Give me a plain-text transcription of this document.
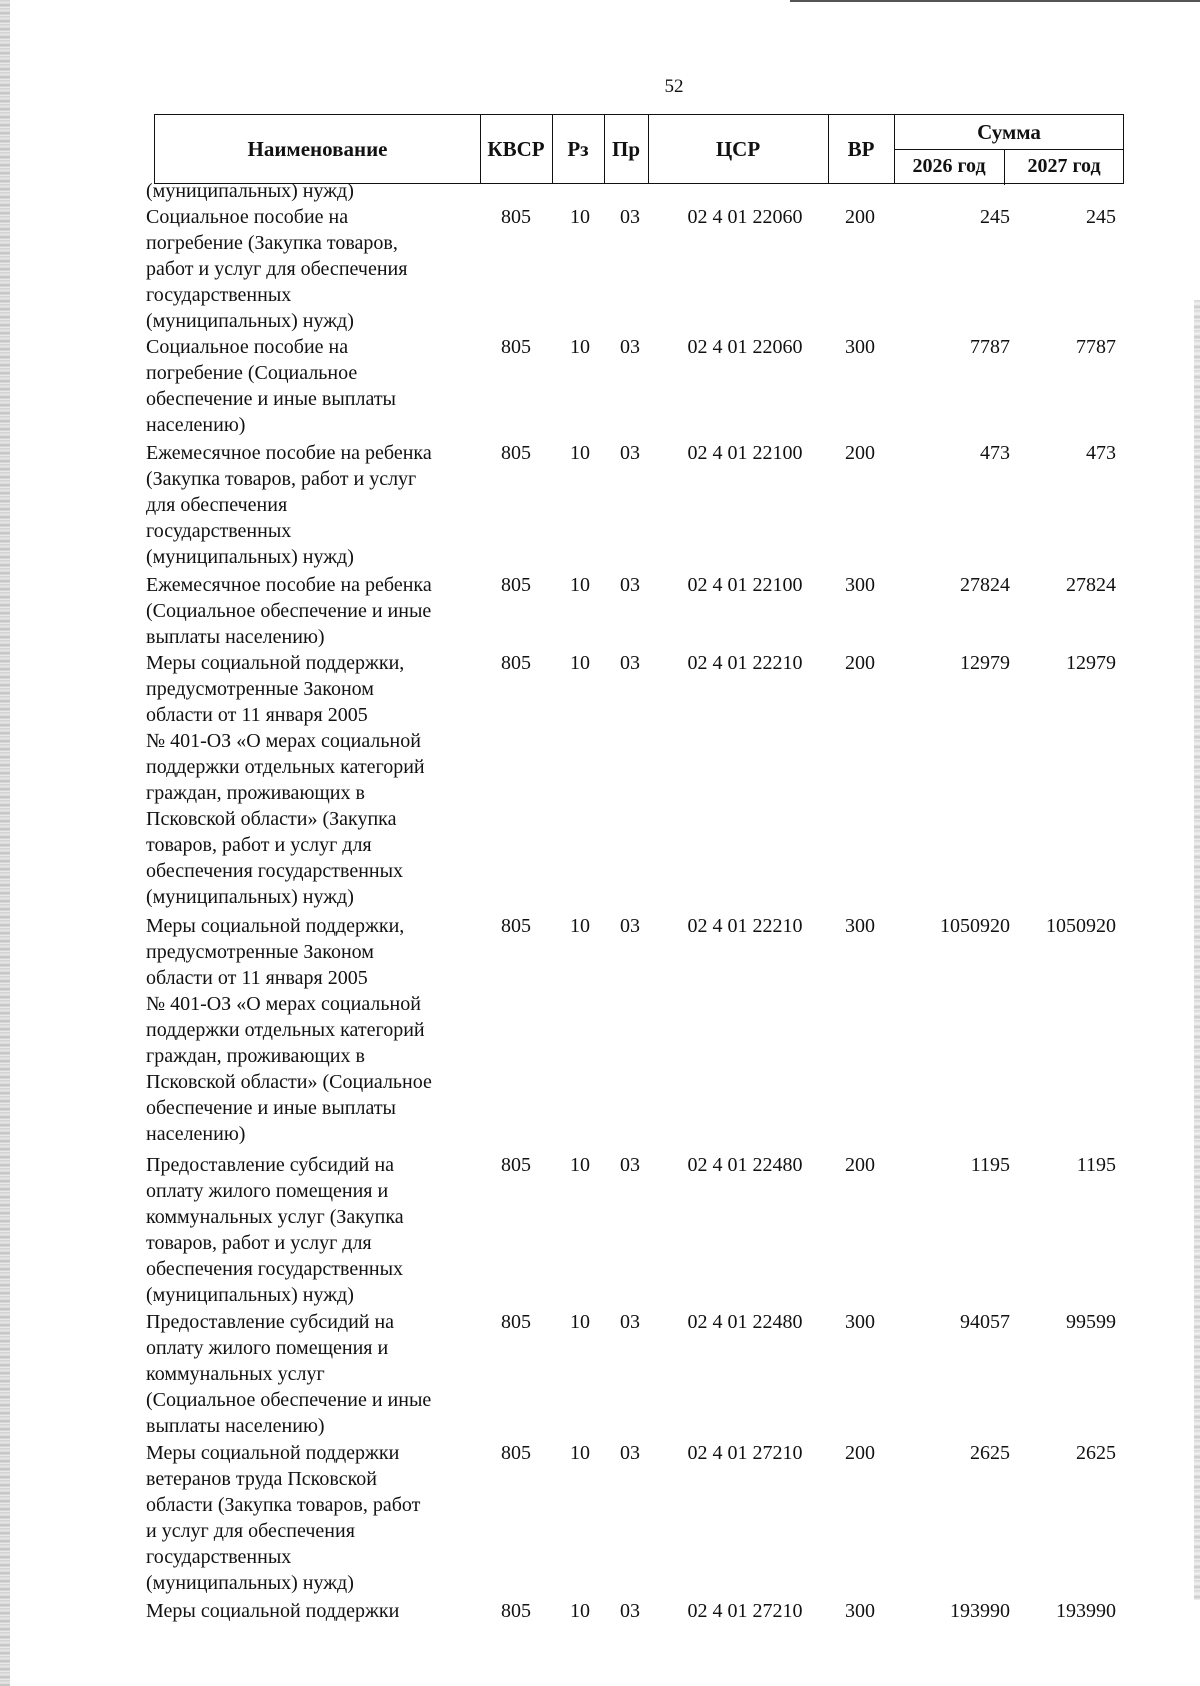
52
Наименование	КВСР	Рз	Пр	ЦСР	ВР
Сумма
2026 год	2027 год
(муниципальных) нужд)
Социальное пособие на
погребение (Закупка товаров,
работ и услуг для обеспечения
государственных
(муниципальных) нужд)
805	10	03	02 4 01 22060	200	245	245
Социальное пособие на
погребение (Социальное
обеспечение и иные выплаты
населению)
805	10	03	02 4 01 22060	300	7787	7787
Ежемесячное пособие на ребенка
(Закупка товаров, работ и услуг
для обеспечения
государственных
(муниципальных) нужд)
805	10	03	02 4 01 22100	200	473	473
Ежемесячное пособие на ребенка
(Социальное обеспечение и иные
выплаты населению)
805	10	03	02 4 01 22100	300	27824	27824
Меры социальной поддержки,
предусмотренные Законом
области от 11 января 2005
№ 401-ОЗ «О мерах социальной
поддержки отдельных категорий
граждан, проживающих в
Псковской области» (Закупка
товаров, работ и услуг для
обеспечения государственных
(муниципальных) нужд)
805	10	03	02 4 01 22210	200	12979	12979
Меры социальной поддержки,
предусмотренные Законом
области от 11 января 2005
№ 401-ОЗ «О мерах социальной
поддержки отдельных категорий
граждан, проживающих в
Псковской области» (Социальное
обеспечение и иные выплаты
населению)
805	10	03	02 4 01 22210	300	1050920	1050920
Предоставление субсидий на
оплату жилого помещения и
коммунальных услуг (Закупка
товаров, работ и услуг для
обеспечения государственных
(муниципальных) нужд)
805	10	03	02 4 01 22480	200	1195	1195
Предоставление субсидий на
оплату жилого помещения и
коммунальных услуг
(Социальное обеспечение и иные
выплаты населению)
805	10	03	02 4 01 22480	300	94057	99599
Меры социальной поддержки
ветеранов труда Псковской
области (Закупка товаров, работ
и услуг для обеспечения
государственных
(муниципальных) нужд)
805	10	03	02 4 01 27210	200	2625	2625
Меры социальной поддержки	805	10	03	02 4 01 27210	300	193990	193990
